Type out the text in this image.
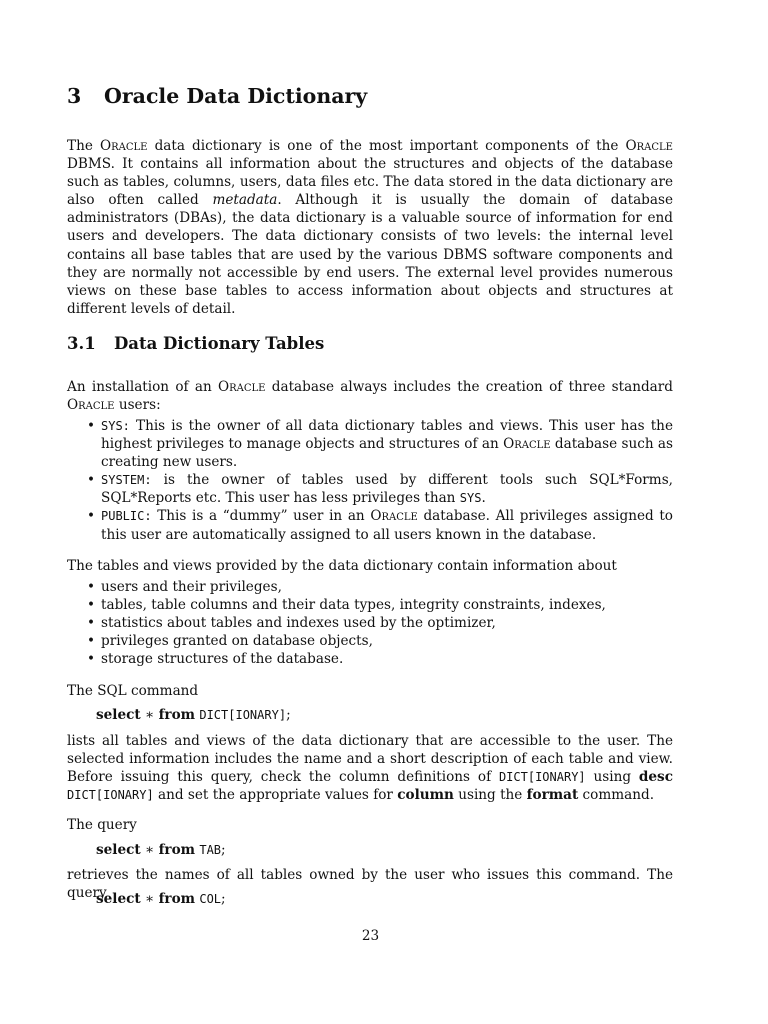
3 Oracle Data Dictionary

The Oracle data dictionary is one of the most important components of the Oracle DBMS. It contains all information about the structures and objects of the database such as tables, columns, users, data files etc. The data stored in the data dictionary are also often called metadata. Although it is usually the domain of database administrators (DBAs), the data dictionary is a valuable source of information for end users and developers. The data dictionary consists of two levels: the internal level contains all base tables that are used by the various DBMS software components and they are normally not accessible by end users. The external level provides numerous views on these base tables to access information about objects and structures at different levels of detail.

3.1 Data Dictionary Tables

An installation of an Oracle database always includes the creation of three standard Oracle users:

• SYS: This is the owner of all data dictionary tables and views. This user has the highest privileges to manage objects and structures of an Oracle database such as creating new users.
• SYSTEM: is the owner of tables used by different tools such SQL*Forms, SQL*Reports etc. This user has less privileges than SYS.
• PUBLIC: This is a “dummy” user in an Oracle database. All privileges assigned to this user are automatically assigned to all users known in the database.

The tables and views provided by the data dictionary contain information about

• users and their privileges,
• tables, table columns and their data types, integrity constraints, indexes,
• statistics about tables and indexes used by the optimizer,
• privileges granted on database objects,
• storage structures of the database.

The SQL command

select ∗ from DICT[IONARY];

lists all tables and views of the data dictionary that are accessible to the user. The selected information includes the name and a short description of each table and view. Before issuing this query, check the column definitions of DICT[IONARY] using desc DICT[IONARY] and set the appropriate values for column using the format command.

The query

select ∗ from TAB;

retrieves the names of all tables owned by the user who issues this command. The query

select ∗ from COL;
23
